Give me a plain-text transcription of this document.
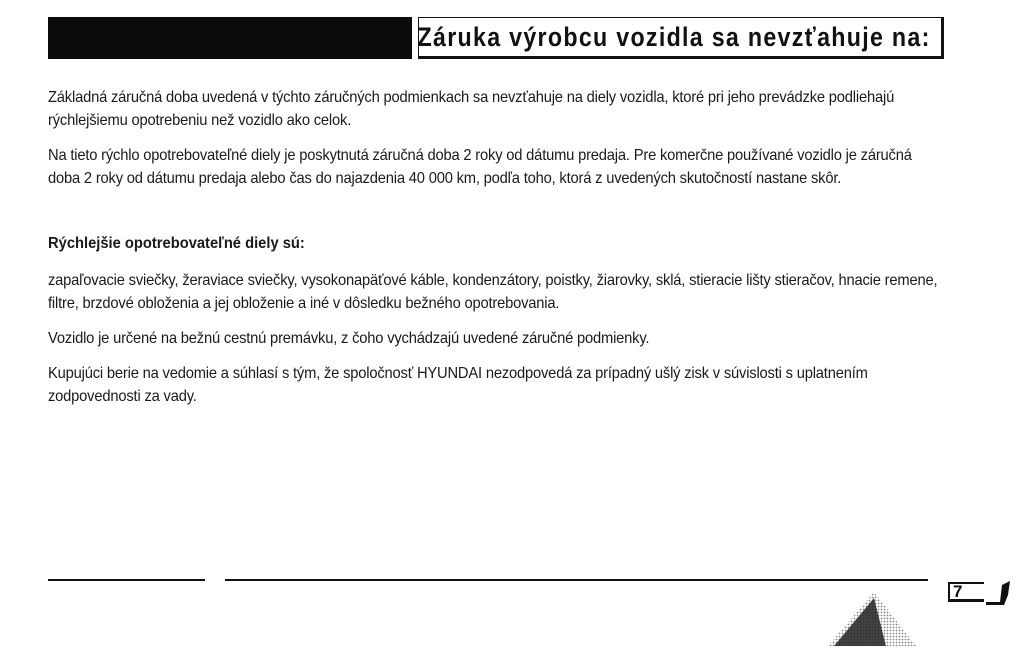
Záruka výrobcu vozidla sa nevzťahuje na:

Základná záručná doba uvedená v týchto záručných podmienkach sa nevzťahuje na diely vozidla, ktoré pri jeho prevádzke podliehajú rýchlejšiemu opotrebeniu než vozidlo ako celok.

Na tieto rýchlo opotrebovateľné diely je poskytnutá záručná doba 2 roky od dátumu predaja. Pre komerčne používané vozidlo je záručná doba 2 roky od dátumu predaja alebo čas do najazdenia 40 000 km, podľa toho, ktorá z uvedených skutočností nastane skôr.

Rýchlejšie opotrebovateľné diely sú:

zapaľovacie sviečky, žeraviace sviečky, vysokonapäťové káble, kondenzátory, poistky, žiarovky, sklá, stieracie lišty stieračov, hnacie remene, filtre, brzdové obloženia a jej obloženie a iné v dôsledku bežného opotrebovania.

Vozidlo je určené na bežnú cestnú premávku, z čoho vychádzajú uvedené záručné podmienky.

Kupujúci berie na vedomie a súhlasí s tým, že spoločnosť HYUNDAI nezodpovedá za prípadný ušlý zisk v súvislosti s uplatnením zodpovednosti za vady.

7
